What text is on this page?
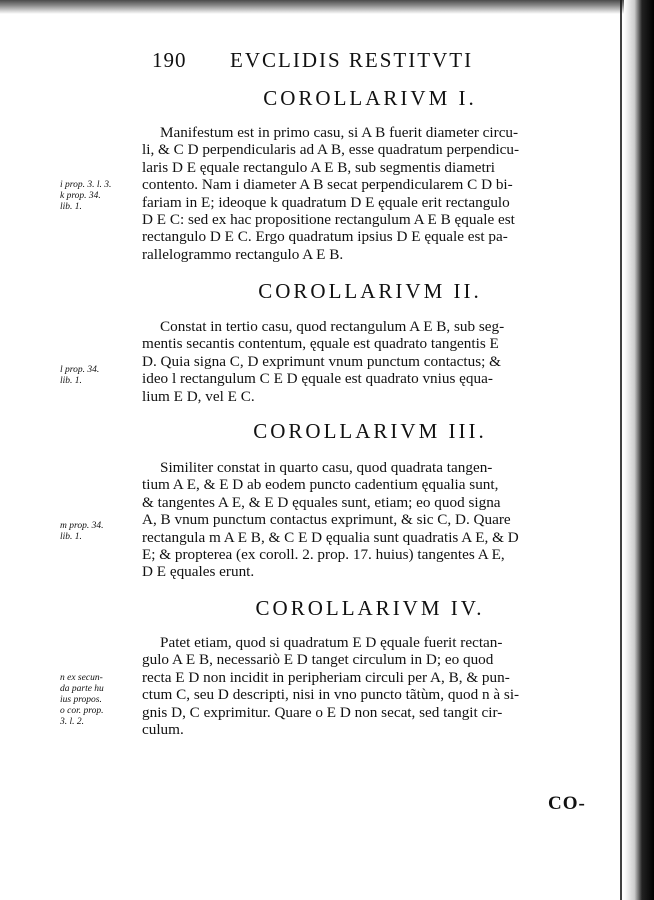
190 EVCLIDIS RESTITVTI
COROLLARIVM I.
Manifestum est in primo casu, si A B fuerit diameter circu-
li, & C D perpendicularis ad A B, esse quadratum perpendicu-
laris D E ęquale rectangulo A E B, sub segmentis diametri
contento. Nam i diameter A B secat perpendicularem C D bi-
fariam in E; ideoque k quadratum D E ęquale erit rectangulo
D E C: sed ex hac propositione rectangulum A E B ęquale est
rectangulo D E C. Ergo quadratum ipsius D E ęquale est pa-
rallelogrammo rectangulo A E B.
COROLLARIVM II.
Constat in tertio casu, quod rectangulum A E B, sub seg-
mentis secantis contentum, ęquale est quadrato tangentis E
D. Quia signa C, D exprimunt vnum punctum contactus; &
ideo l rectangulum C E D ęquale est quadrato vnius ęqua-
lium E D, vel E C.
COROLLARIVM III.
Similiter constat in quarto casu, quod quadrata tangen-
tium A E, & E D ab eodem puncto cadentium ęqualia sunt,
& tangentes A E, & E D ęquales sunt, etiam; eo quod signa
A, B vnum punctum contactus exprimunt, & sic C, D. Quare
rectangula m A E B, & C E D ęqualia sunt quadratis A E, & D
E; & propterea (ex coroll. 2. prop. 17. huius) tangentes A E,
D E ęquales erunt.
COROLLARIVM IV.
Patet etiam, quod si quadratum E D ęquale fuerit rectan-
gulo A E B, necessariò E D tanget circulum in D; eo quod
recta E D non incidit in peripheriam circuli per A, B, & pun-
ctum C, seu D descripti, nisi in vno puncto tãtùm, quod n à si-
gnis D, C exprimitur. Quare o E D non secat, sed tangit cir-
culum.
i prop. 3. l. 3.
k prop. 34.
lib. 1.
l prop. 34.
lib. 1.
m prop. 34.
lib. 1.
n ex secun-
da parte hu
ius propos.
o cor. prop.
3. l. 2.
CO-
